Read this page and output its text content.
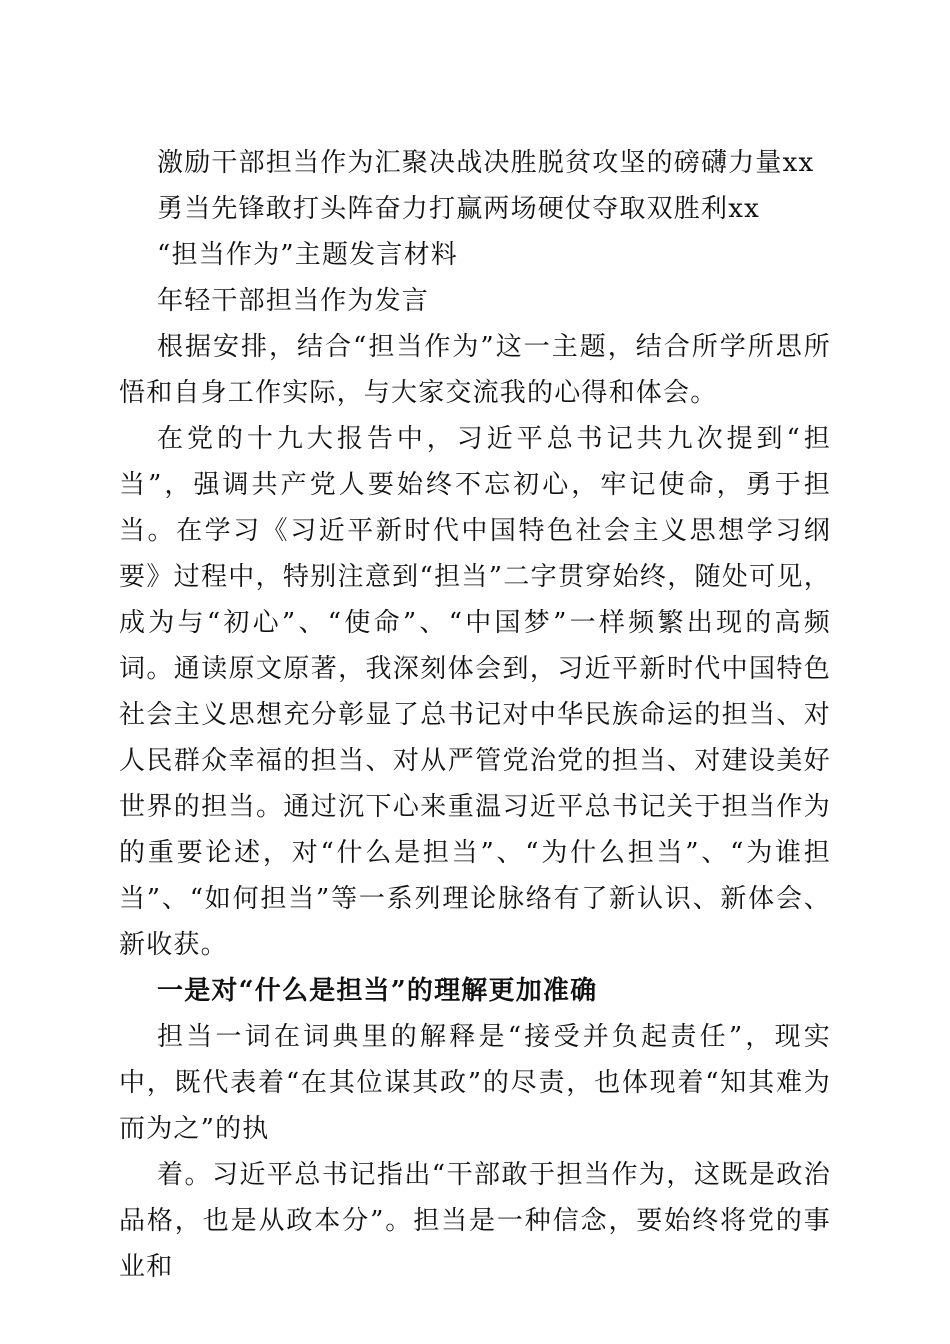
激励干部担当作为汇聚决战决胜脱贫攻坚的磅礴力量xx
勇当先锋敢打头阵奋力打赢两场硬仗夺取双胜利xx
“担当作为”主题发言材料
年轻干部担当作为发言

根据安排，结合“担当作为”这一主题，结合所学所思所悟和自身工作实际，与大家交流我的心得和体会。

在党的十九大报告中，习近平总书记共九次提到“担当”，强调共产党人要始终不忘初心，牢记使命，勇于担当。在学习《习近平新时代中国特色社会主义思想学习纲要》过程中，特别注意到“担当”二字贯穿始终，随处可见，成为与“初心”、“使命”、“中国梦”一样频繁出现的高频词。通读原文原著，我深刻体会到，习近平新时代中国特色社会主义思想充分彰显了总书记对中华民族命运的担当、对人民群众幸福的担当、对从严管党治党的担当、对建设美好世界的担当。通过沉下心来重温习近平总书记关于担当作为的重要论述，对“什么是担当”、“为什么担当”、“为谁担当”、“如何担当”等一系列理论脉络有了新认识、新体会、新收获。

一是对“什么是担当”的理解更加准确

担当一词在词典里的解释是“接受并负起责任”，现实中，既代表着“在其位谋其政”的尽责，也体现着“知其难为而为之”的执

着。习近平总书记指出“干部敢于担当作为，这既是政治品格，也是从政本分”。担当是一种信念，要始终将党的事业和
